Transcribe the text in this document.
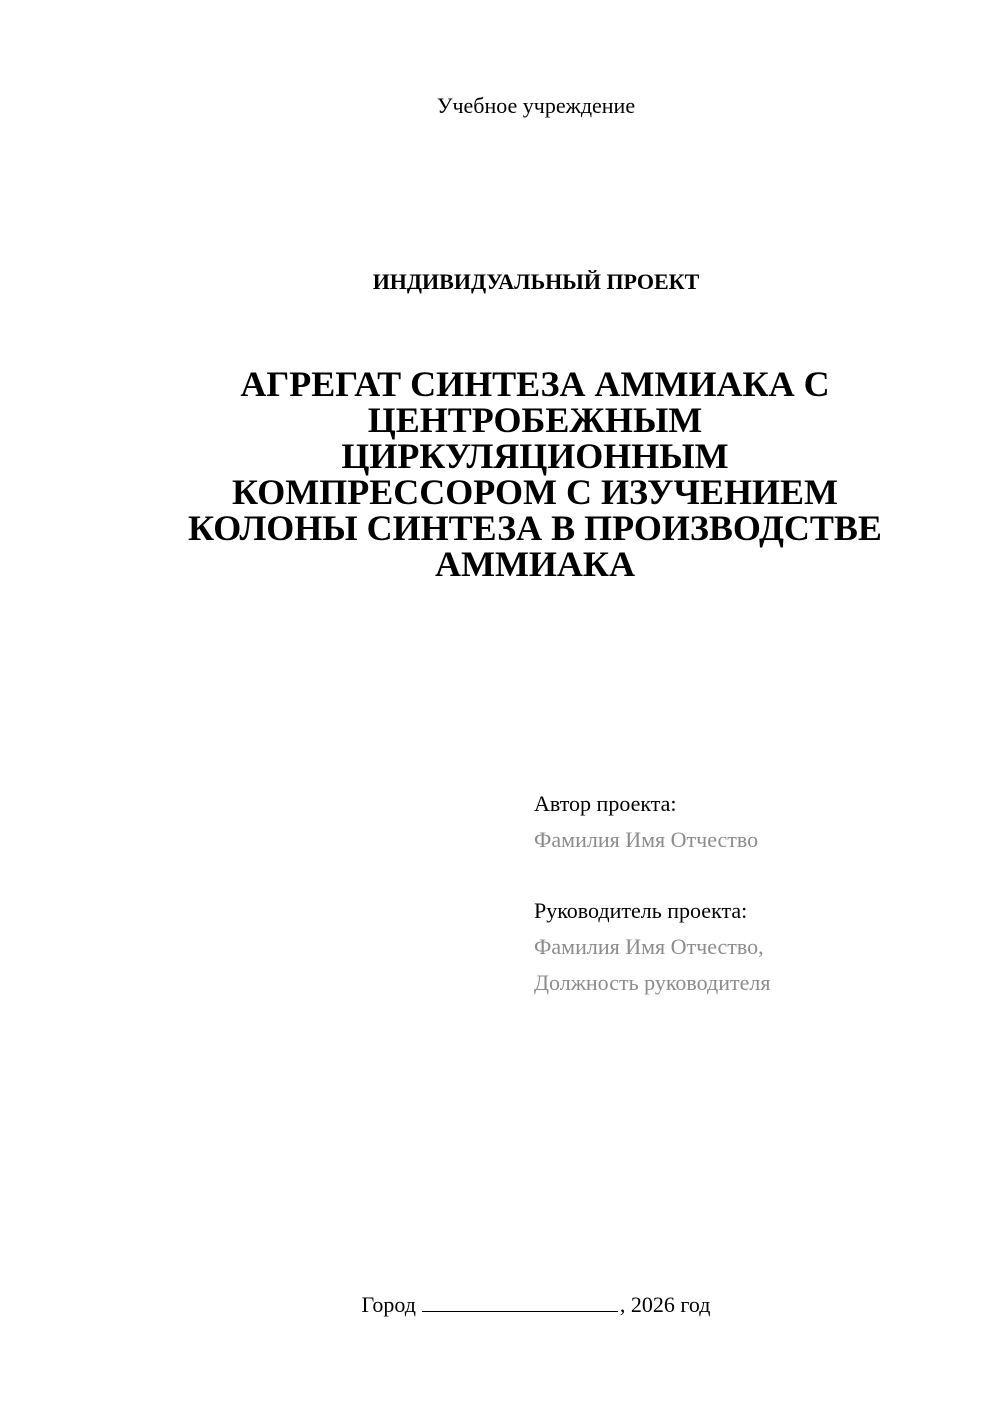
Учебное учреждение
ИНДИВИДУАЛЬНЫЙ ПРОЕКТ
АГРЕГАТ СИНТЕЗА АММИАКА С
ЦЕНТРОБЕЖНЫМ
ЦИРКУЛЯЦИОННЫМ
КОМПРЕССОРОМ С ИЗУЧЕНИЕМ
КОЛОНЫ СИНТЕЗА В ПРОИЗВОДСТВЕ
АММИАКА
Автор проекта:
Фамилия Имя Отчество
Руководитель проекта:
Фамилия Имя Отчество,
Должность руководителя
Город	, 2026 год
